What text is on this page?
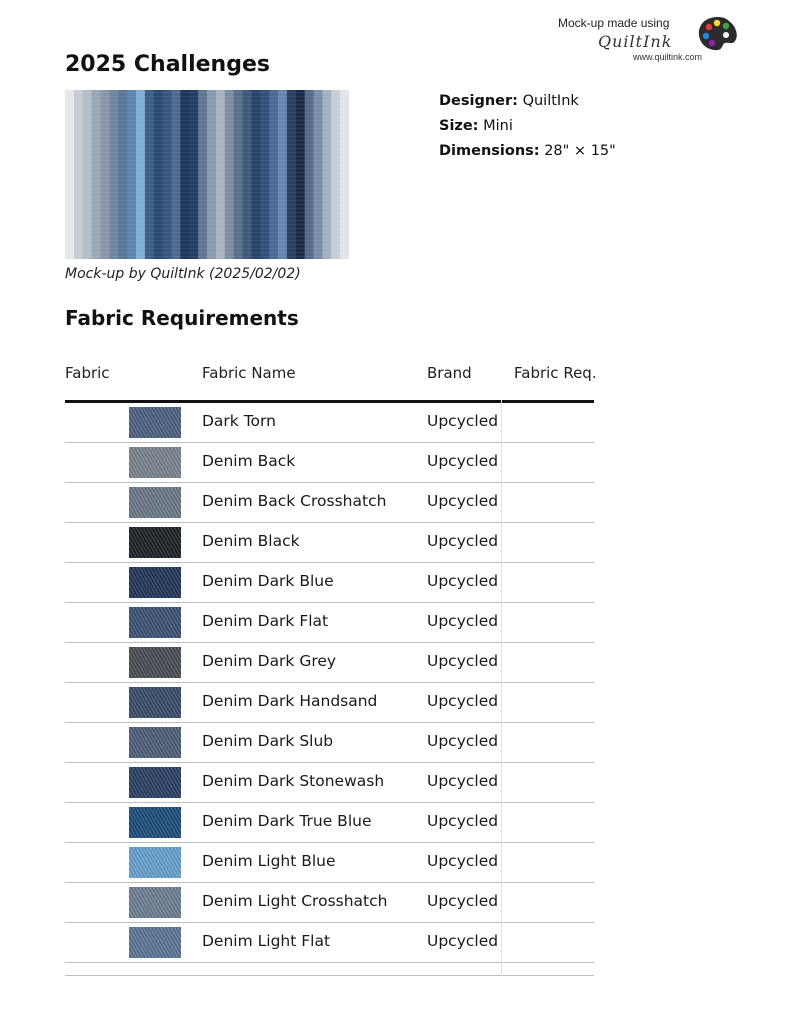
Mock-up made using
QuiltInk
www.quiltink.com
2025 Challenges
Mock-up by QuiltInk (2025/02/02)
Designer: QuiltInk
Size: Mini
Dimensions: 28" × 15"
Fabric Requirements
Fabric	Fabric Name	Brand	Fabric Req.
Dark Torn	Upcycled
Denim Back	Upcycled
Denim Back Crosshatch	Upcycled
Denim Black	Upcycled
Denim Dark Blue	Upcycled
Denim Dark Flat	Upcycled
Denim Dark Grey	Upcycled
Denim Dark Handsand	Upcycled
Denim Dark Slub	Upcycled
Denim Dark Stonewash	Upcycled
Denim Dark True Blue	Upcycled
Denim Light Blue	Upcycled
Denim Light Crosshatch	Upcycled
Denim Light Flat	Upcycled
